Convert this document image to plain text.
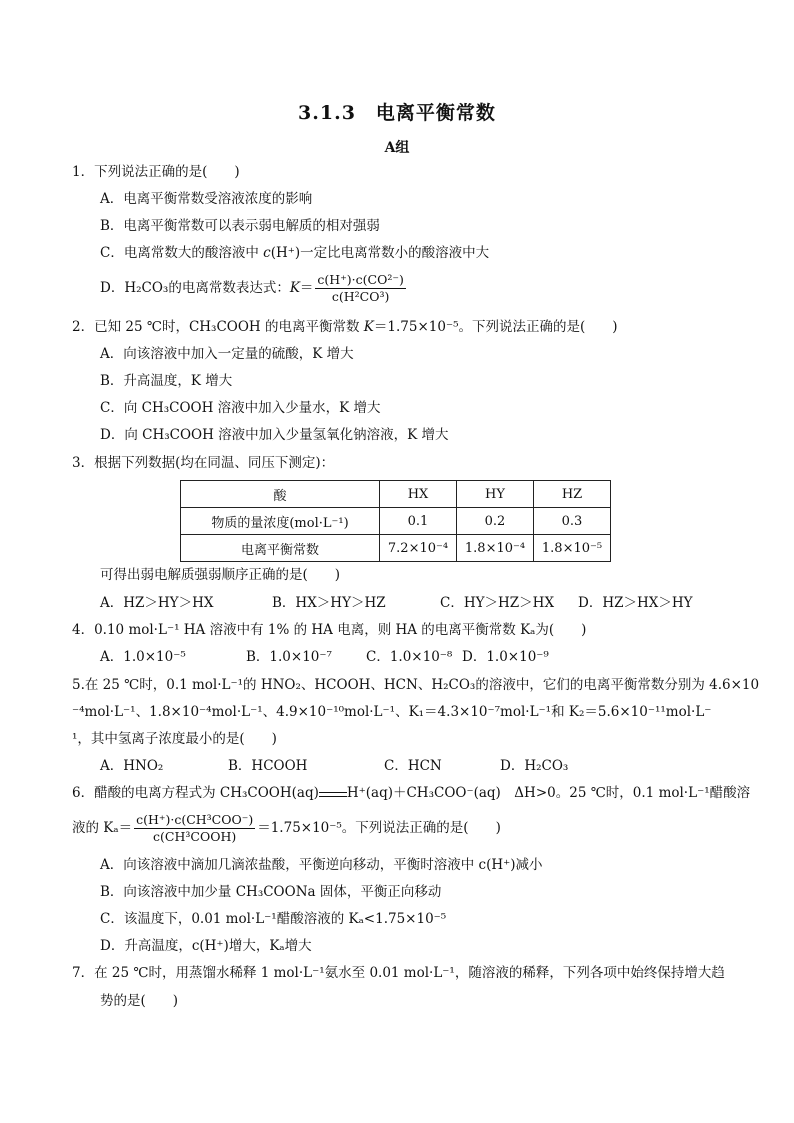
3.1.3　电离平衡常数
A组
1．下列说法正确的是(　　)
A．电离平衡常数受溶液浓度的影响
B．电离平衡常数可以表示弱电解质的相对强弱
C．电离常数大的酸溶液中 c(H⁺)一定比电离常数小的酸溶液中大
D．H₂CO₃的电离常数表达式：$K= \frac{\text{c(H⁺)·c(CO²⁻)}}{\text{c(H²CO³)}}$
2．已知 25 ℃时，CH₃COOH 的电离平衡常数 K＝1.75×10⁻⁵。下列说法正确的是(　　)
A．向该溶液中加入一定量的硫酸，K 增大
B．升高温度，K 增大
C．向 CH₃COOH 溶液中加入少量水，K 增大
D．向 CH₃COOH 溶液中加入少量氢氧化钠溶液，K 增大
3．根据下列数据(均在同温、同压下测定)：
酸	HX	HY	HZ
物质的量浓度(mol·L⁻¹)	0.1	0.2	0.3
电离平衡常数	7.2×10⁻⁴	1.8×10⁻⁴	1.8×10⁻⁵
可得出弱电解质强弱顺序正确的是(　　)
A．HZ＞HY＞HX	B．HX＞HY＞HZ	C．HY＞HZ＞HX D．HZ＞HX＞HY
4．0.10 mol·L⁻¹ HA 溶液中有 1% 的 HA 电离，则 HA 的电离平衡常数 Kₐ为(　　)
A．1.0×10⁻⁵	B．1.0×10⁻⁷	C．1.0×10⁻⁸ D．1.0×10⁻⁹
5.在 25 ℃时，0.1 mol·L⁻¹的 HNO₂、HCOOH、HCN、H₂CO₃的溶液中，它们的电离平衡常数分别为 4.6×10
⁻⁴mol·L⁻¹、1.8×10⁻⁴mol·L⁻¹、4.9×10⁻¹⁰mol·L⁻¹、K₁＝4.3×10⁻⁷mol·L⁻¹和 K₂＝5.6×10⁻¹¹mol·L⁻
¹，其中氢离子浓度最小的是(　　)
A．HNO₂	B．HCOOH	C．HCN	D．H₂CO₃
6．醋酸的电离方程式为 CH₃COOH(aq) H⁺(aq)＋CH₃COO⁻(aq)　ΔH>0。25 ℃时，0.1 mol·L⁻¹醋酸溶
液的 $K_a= \frac{\text{c(H⁺)·c(CH³COO⁻)}}{\text{c(CH³COOH)}} =1.75\times 10^{-5}$。下列说法正确的是(　　)
A．向该溶液中滴加几滴浓盐酸，平衡逆向移动，平衡时溶液中 c(H⁺)减小
B．向该溶液中加少量 CH₃COONa 固体，平衡正向移动
C．该温度下，0.01 mol·L⁻¹醋酸溶液的 Kₐ<1.75×10⁻⁵
D．升高温度，c(H⁺)增大，Kₐ增大
7．在 25 ℃时，用蒸馏水稀释 1 mol·L⁻¹氨水至 0.01 mol·L⁻¹，随溶液的稀释，下列各项中始终保持增大趋
势的是(　　)
